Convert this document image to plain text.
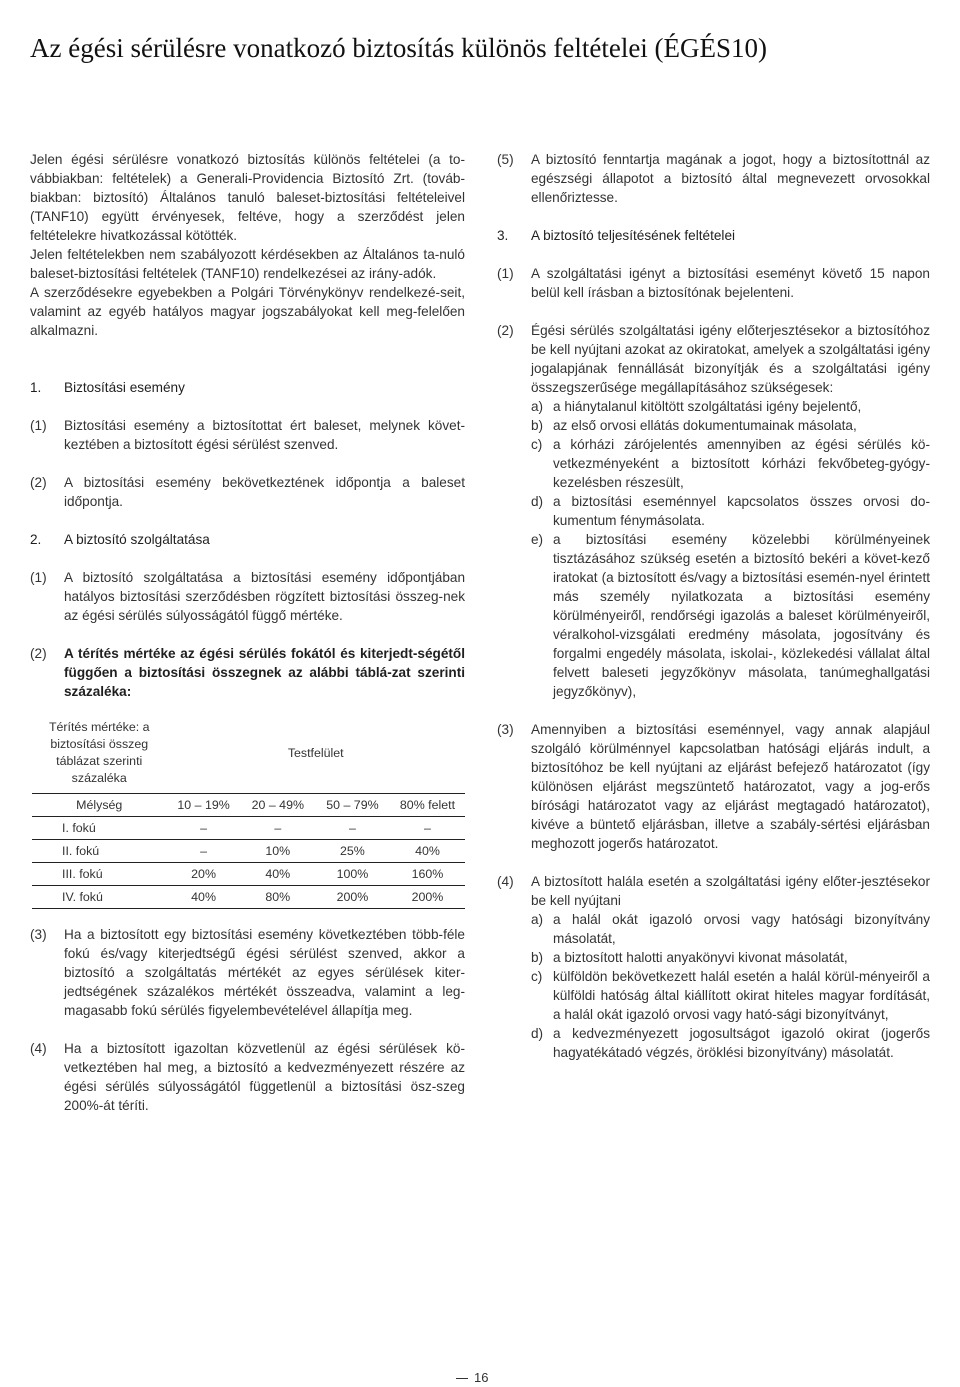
Az égési sérülésre vonatkozó biztosítás különös feltételei (ÉGÉS10)

Jelen égési sérülésre vonatkozó biztosítás különös feltételei (a to-vábbiakban: feltételek) a Generali-Providencia Biztosító Zrt. (továb-biakban: biztosító) Általános tanuló baleset-biztosítási feltételeivel (TANF10) együtt érvényesek, feltéve, hogy a szerződést jelen feltételekre hivatkozással kötötték.

Jelen feltételekben nem szabályozott kérdésekben az Általános ta-nuló baleset-biztosítási feltételek (TANF10) rendelkezései az irány-adók.

A szerződésekre egyebekben a Polgári Törvénykönyv rendelkezé-seit, valamint az egyéb hatályos magyar jogszabályokat kell meg-felelően alkalmazni.

1.	Biztosítási esemény
(1)	Biztosítási esemény a biztosítottat ért baleset, melynek követ-keztében a biztosított égési sérülést szenved.
(2)	A biztosítási esemény bekövetkeztének időpontja a baleset időpontja.
2.	A biztosító szolgáltatása
(1)	A biztosító szolgáltatása a biztosítási esemény időpontjában hatályos biztosítási szerződésben rögzített biztosítási összeg-nek az égési sérülés súlyosságától függő mértéke.
(2)	A térítés mértéke az égési sérülés fokától és kiterjedt-ségétől függően a biztosítási összegnek az alábbi táblá-zat szerinti százaléka:
Térítés mértéke: a biztosítási összeg táblázat szerinti százaléka	Testfelület			
Mélység	10 – 19%	20 – 49%	50 – 79%	80% felett
I. fokú	–	–	–	–
II. fokú	–	10%	25%	40%
III. fokú	20%	40%	100%	160%
IV. fokú	40%	80%	200%	200%
(3)	Ha a biztosított egy biztosítási esemény következtében több-féle fokú és/vagy kiterjedtségű égési sérülést szenved, akkor a biztosító a szolgáltatás mértékét az egyes sérülések kiter-jedtségének százalékos mértékét összeadva, valamint a leg-magasabb fokú sérülés figyelembevételével állapítja meg.
(4)	Ha a biztosított igazoltan közvetlenül az égési sérülések kö-vetkeztében hal meg, a biztosító a kedvezményezett részére az égési sérülés súlyosságától függetlenül a biztosítási ösz-szeg 200%-át téríti.
(5)	A biztosító fenntartja magának a jogot, hogy a biztosítottnál az egészségi állapotot a biztosító által megnevezett orvosokkal ellenőriztesse.
3.	A biztosító teljesítésének feltételei
(1)	A szolgáltatási igényt a biztosítási eseményt követő 15 napon belül kell írásban a biztosítónak bejelenteni.
(2)	Égési sérülés szolgáltatási igény előterjesztésekor a biztosítóhoz be kell nyújtani azokat az okiratokat, amelyek a szolgáltatási igény jogalapjának fennállását bizonyítják és a szolgáltatási igény összegszerűsége megállapításához szükségesek:

a) a hiánytalanul kitöltött szolgáltatási igény bejelentő,
b) az első orvosi ellátás dokumentumainak másolata,
c) a kórházi zárójelentés amennyiben az égési sérülés kö-vetkezményeként a biztosított kórházi fekvőbeteg-gyógy-kezelésben részesült,
d) a biztosítási eseménnyel kapcsolatos összes orvosi do-kumentum fénymásolata.
e) a biztosítási esemény közelebbi körülményeinek tisztázásához szükség esetén a biztosító bekéri a követ-kező iratokat (a biztosított és/vagy a biztosítási esemén-nyel érintett más személy nyilatkozata a biztosítási esemény körülményeiről, rendőrségi igazolás a baleset körülményeiről, véralkohol-vizsgálati eredmény másolata, jogosítvány és forgalmi engedély másolata, iskolai-, közlekedési vállalat által felvett baleseti jegyzőkönyv másolata, tanúmeghallgatási jegyzőkönyv),
(3)	Amennyiben a biztosítási eseménnyel, vagy annak alapjául szolgáló körülménnyel kapcsolatban hatósági eljárás indult, a biztosítóhoz be kell nyújtani az eljárást befejező határozatot (így különösen eljárást megszüntető határozatot, vagy a jog-erős bírósági határozatot vagy az eljárást megtagadó határozatot), kivéve a büntető eljárásban, illetve a szabály-sértési eljárásban meghozott jogerős határozatot.
(4)	A biztosított halála esetén a szolgáltatási igény előter-jesztésekor be kell nyújtani

a) a halál okát igazoló orvosi vagy hatósági bizonyítvány másolatát,
b) a biztosított halotti anyakönyvi kivonat másolatát,
c) külföldön bekövetkezett halál esetén a halál körül-ményeiről a külföldi hatóság által kiállított okirat hiteles magyar fordítását, a halál okát igazoló orvosi vagy ható-sági bizonyítványt,
d) a kedvezményezett jogosultságot igazoló okirat (jogerős hagyatékátadó végzés, öröklési bizonyítvány) másolatát.
16
